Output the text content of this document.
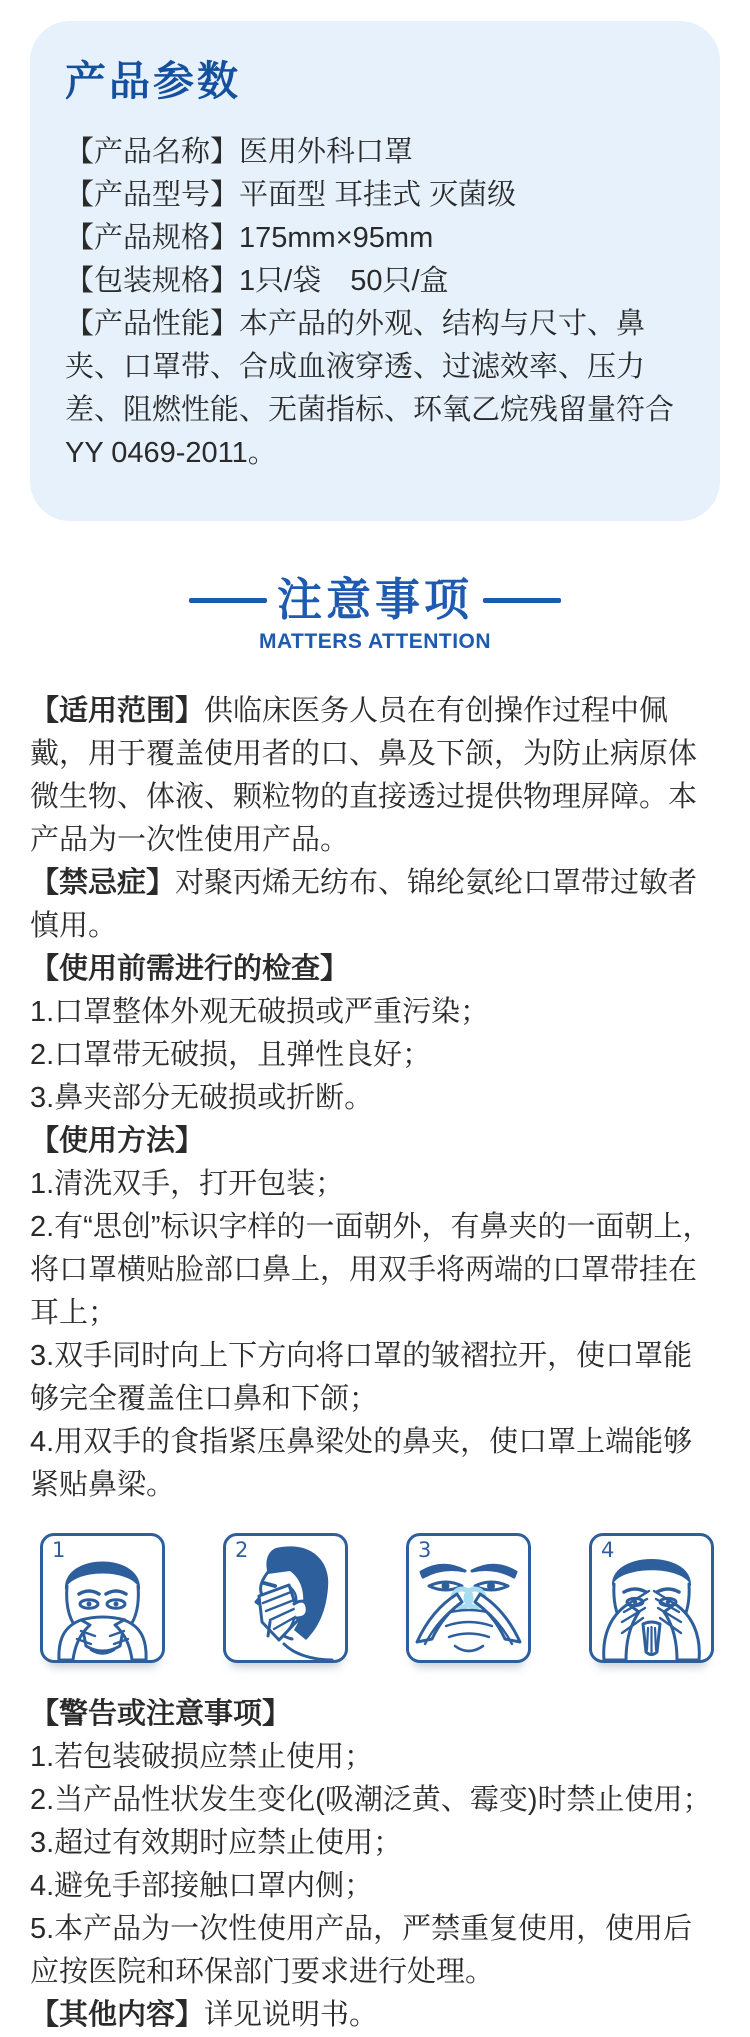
产品参数

【产品名称】医用外科口罩

【产品型号】平面型 耳挂式 灭菌级

【产品规格】175mm×95mm

【包装规格】1只/袋　50只/盒

【产品性能】本产品的外观、结构与尺寸、鼻夹、口罩带、合成血液穿透、过滤效率、压力差、阻燃性能、无菌指标、环氧乙烷残留量符合YY 0469-2011。

注意事项
MATTERS ATTENTION

【适用范围】供临床医务人员在有创操作过程中佩戴，用于覆盖使用者的口、鼻及下颌，为防止病原体微生物、体液、颗粒物的直接透过提供物理屏障。本产品为一次性使用产品。

【禁忌症】对聚丙烯无纺布、锦纶氨纶口罩带过敏者慎用。

【使用前需进行的检查】

1.口罩整体外观无破损或严重污染；

2.口罩带无破损，且弹性良好；

3.鼻夹部分无破损或折断。

【使用方法】

1.清洗双手，打开包装；

2.有“思创”标识字样的一面朝外，有鼻夹的一面朝上， 将口罩横贴脸部口鼻上，用双手将两端的口罩带挂在耳上；

3.双手同时向上下方向将口罩的皱褶拉开，使口罩能够完全覆盖住口鼻和下颌；

4.用双手的食指紧压鼻梁处的鼻夹，使口罩上端能够紧贴鼻梁。

1	2	3	4

【警告或注意事项】

1.若包装破损应禁止使用；

2.当产品性状发生变化(吸潮泛黄、霉变)时禁止使用；

3.超过有效期时应禁止使用；

4.避免手部接触口罩内侧；

5.本产品为一次性使用产品，严禁重复使用，使用后应按医院和环保部门要求进行处理。

【其他内容】详见说明书。
